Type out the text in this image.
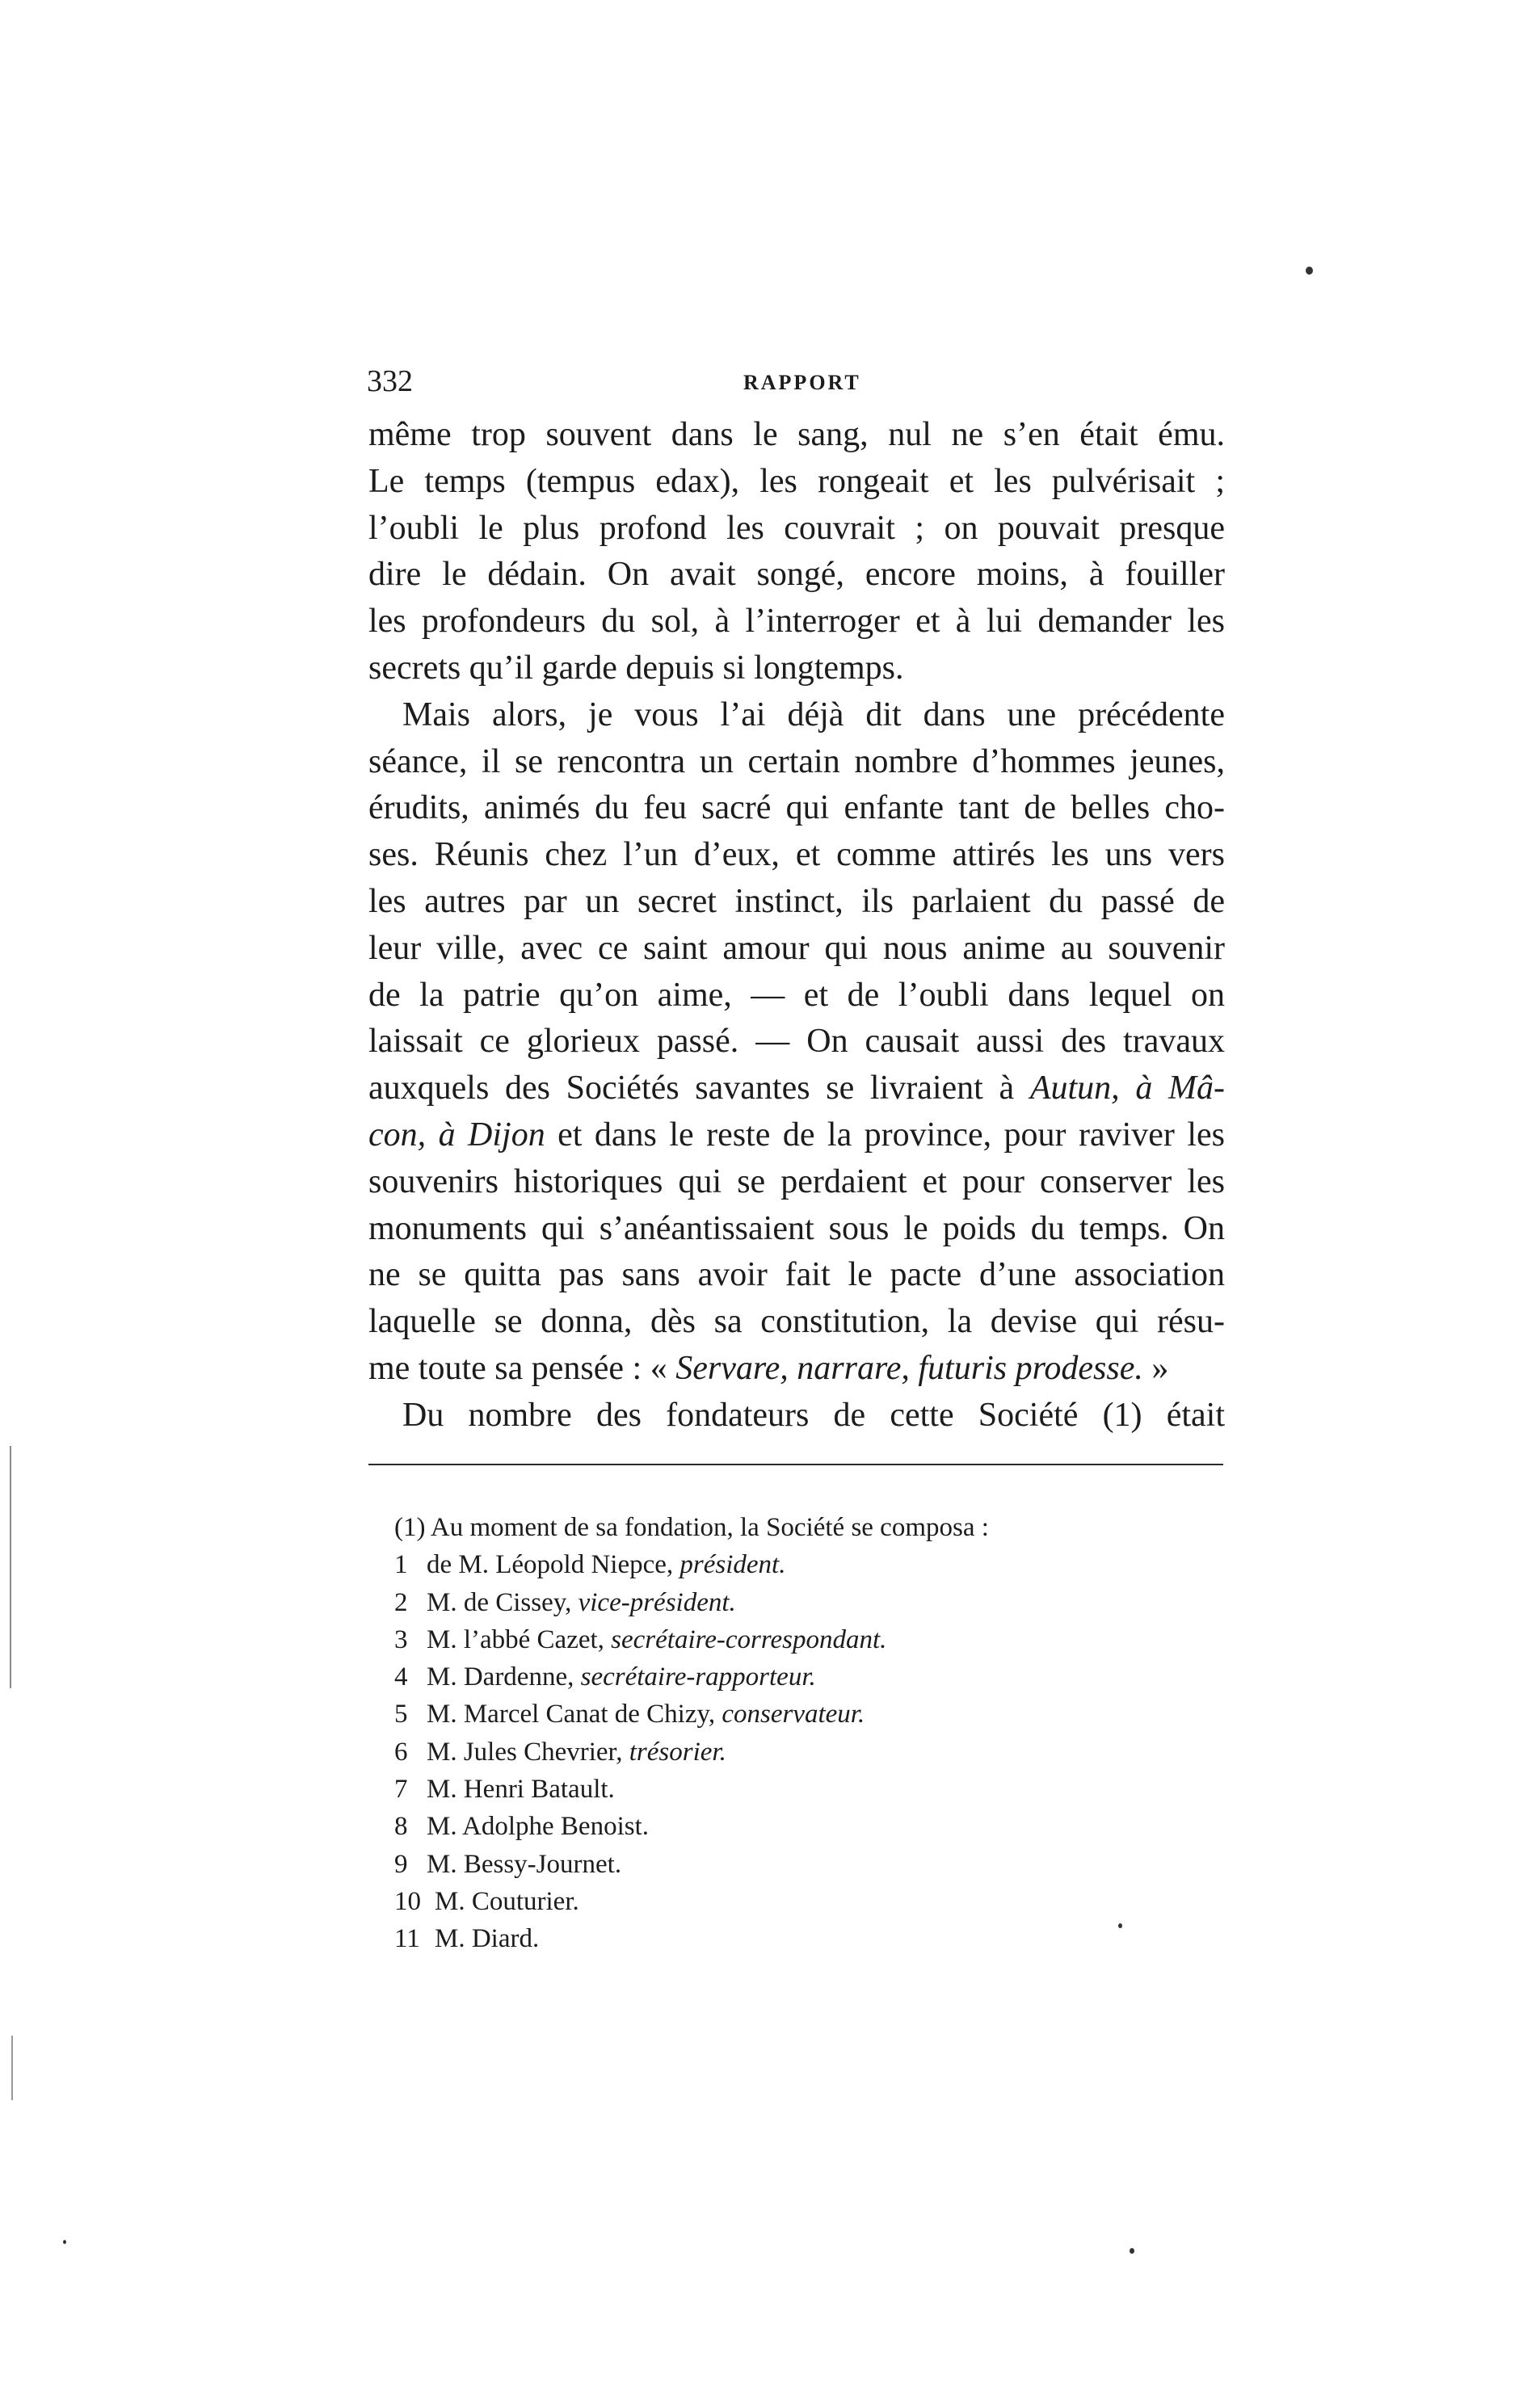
332	RAPPORT
même trop souvent dans le sang, nul ne s’en était ému.
Le temps (tempus edax), les rongeait et les pulvérisait ;
l’oubli le plus profond les couvrait ; on pouvait presque
dire le dédain. On avait songé, encore moins, à fouiller
les profondeurs du sol, à l’interroger et à lui demander les
secrets qu’il garde depuis si longtemps.
Mais alors, je vous l’ai déjà dit dans une précédente
séance, il se rencontra un certain nombre d’hommes jeunes,
érudits, animés du feu sacré qui enfante tant de belles cho-
ses. Réunis chez l’un d’eux, et comme attirés les uns vers
les autres par un secret instinct, ils parlaient du passé de
leur ville, avec ce saint amour qui nous anime au souvenir
de la patrie qu’on aime, — et de l’oubli dans lequel on
laissait ce glorieux passé. — On causait aussi des travaux
auxquels des Sociétés savantes se livraient à Autun, à Mâ-
con, à Dijon et dans le reste de la province, pour raviver les
souvenirs historiques qui se perdaient et pour conserver les
monuments qui s’anéantissaient sous le poids du temps. On
ne se quitta pas sans avoir fait le pacte d’une association
laquelle se donna, dès sa constitution, la devise qui résu-
me toute sa pensée : « Servare, narrare, futuris prodesse. »
Du nombre des fondateurs de cette Société (1) était
(1) Au moment de sa fondation, la Société se composa :
1 de M. Léopold Niepce, président.
2 M. de Cissey, vice-président.
3 M. l’abbé Cazet, secrétaire-correspondant.
4 M. Dardenne, secrétaire-rapporteur.
5 M. Marcel Canat de Chizy, conservateur.
6 M. Jules Chevrier, trésorier.
7 M. Henri Batault.
8 M. Adolphe Benoist.
9 M. Bessy-Journet.
10 M. Couturier.
11 M. Diard.
